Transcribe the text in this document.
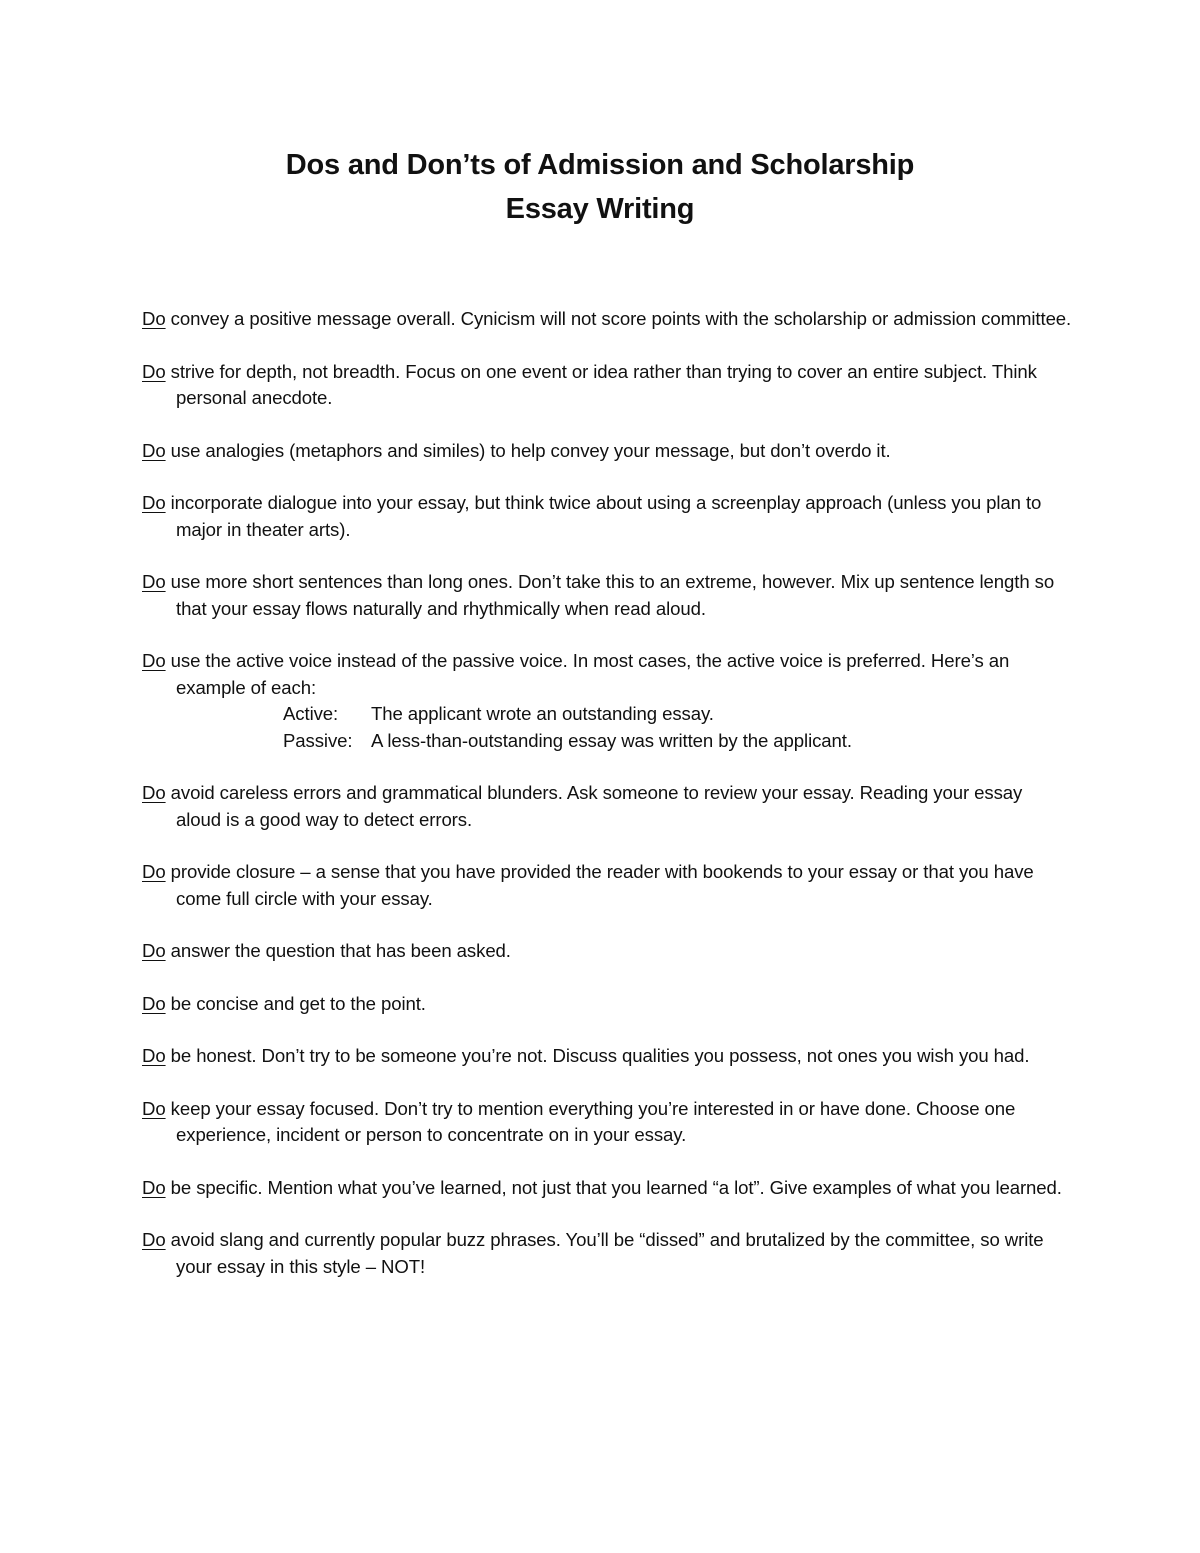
Dos and Don’ts of Admission and Scholarship
Essay Writing
Do convey a positive message overall. Cynicism will not score points with the scholarship or admission committee.
Do strive for depth, not breadth. Focus on one event or idea rather than trying to cover an entire subject. Think personal anecdote.
Do use analogies (metaphors and similes) to help convey your message, but don’t overdo it.
Do incorporate dialogue into your essay, but think twice about using a screenplay approach (unless you plan to major in theater arts).
Do use more short sentences than long ones. Don’t take this to an extreme, however. Mix up sentence length so that your essay flows naturally and rhythmically when read aloud.
Do use the active voice instead of the passive voice. In most cases, the active voice is preferred. Here’s an example of each:
Active:	The applicant wrote an outstanding essay.
Passive: A less-than-outstanding essay was written by the applicant.
Do avoid careless errors and grammatical blunders. Ask someone to review your essay. Reading your essay aloud is a good way to detect errors.
Do provide closure – a sense that you have provided the reader with bookends to your essay or that you have come full circle with your essay.
Do answer the question that has been asked.
Do be concise and get to the point.
Do be honest. Don’t try to be someone you’re not. Discuss qualities you possess, not ones you wish you had.
Do keep your essay focused. Don’t try to mention everything you’re interested in or have done. Choose one experience, incident or person to concentrate on in your essay.
Do be specific. Mention what you’ve learned, not just that you learned “a lot”. Give examples of what you learned.
Do avoid slang and currently popular buzz phrases. You’ll be “dissed” and brutalized by the committee, so write your essay in this style – NOT!
